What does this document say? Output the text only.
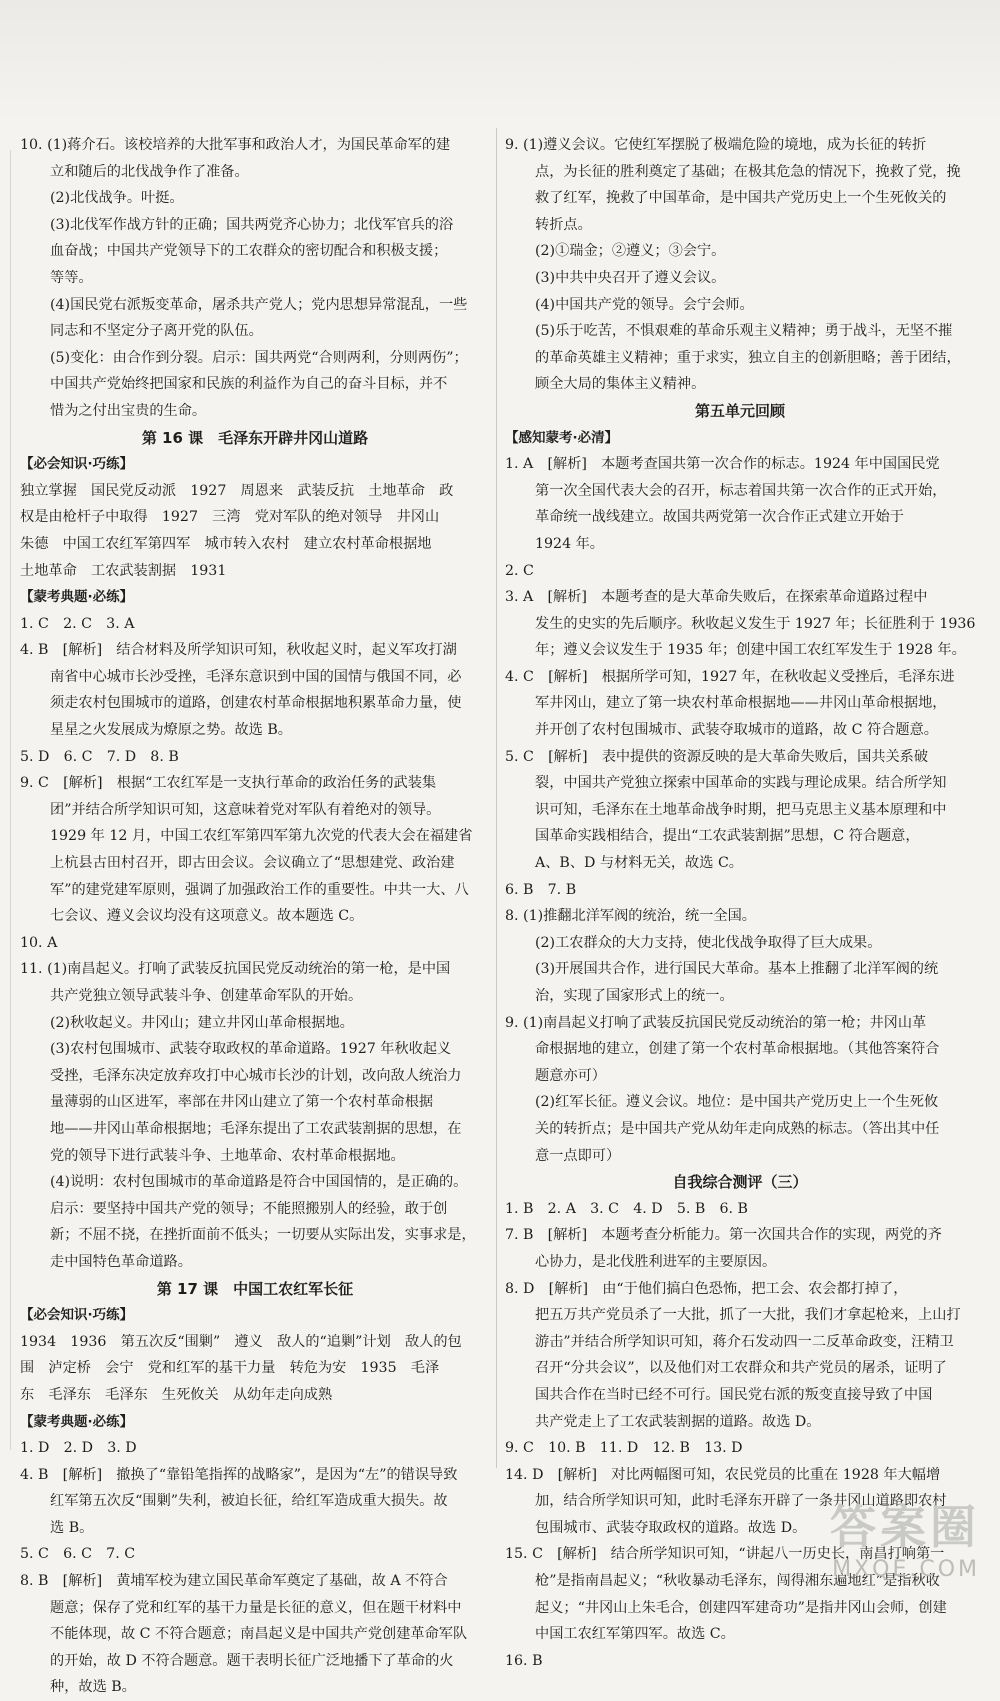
10. (1)蒋介石。该校培养的大批军事和政治人才，为国民革命军的建
立和随后的北伐战争作了准备。
(2)北伐战争。叶挺。
(3)北伐军作战方针的正确；国共两党齐心协力；北伐军官兵的浴
血奋战；中国共产党领导下的工农群众的密切配合和积极支援；
等等。
(4)国民党右派叛变革命，屠杀共产党人；党内思想异常混乱，一些
同志和不坚定分子离开党的队伍。
(5)变化：由合作到分裂。启示：国共两党“合则两利，分则两伤”；
中国共产党始终把国家和民族的利益作为自己的奋斗目标，并不
惜为之付出宝贵的生命。
第 16 课　毛泽东开辟井冈山道路
【必会知识·巧练】
独立掌握　国民党反动派　1927　周恩来　武装反抗　土地革命　政
权是由枪杆子中取得　1927　三湾　党对军队的绝对领导　井冈山
朱德　中国工农红军第四军　城市转入农村　建立农村革命根据地
土地革命　工农武装割据　1931
【蒙考典题·必练】
1. C　2. C　3. A
4. B　[解析]　结合材料及所学知识可知，秋收起义时，起义军攻打湖
南省中心城市长沙受挫，毛泽东意识到中国的国情与俄国不同，必
须走农村包围城市的道路，创建农村革命根据地积累革命力量，使
星星之火发展成为燎原之势。故选 B。
5. D　6. C　7. D　8. B
9. C　[解析]　根据“工农红军是一支执行革命的政治任务的武装集
团”并结合所学知识可知，这意味着党对军队有着绝对的领导。
1929 年 12 月，中国工农红军第四军第九次党的代表大会在福建省
上杭县古田村召开，即古田会议。会议确立了“思想建党、政治建
军”的建党建军原则，强调了加强政治工作的重要性。中共一大、八
七会议、遵义会议均没有这项意义。故本题选 C。
10. A
11. (1)南昌起义。打响了武装反抗国民党反动统治的第一枪，是中国
共产党独立领导武装斗争、创建革命军队的开始。
(2)秋收起义。井冈山；建立井冈山革命根据地。
(3)农村包围城市、武装夺取政权的革命道路。1927 年秋收起义
受挫，毛泽东决定放弃攻打中心城市长沙的计划，改向敌人统治力
量薄弱的山区进军，率部在井冈山建立了第一个农村革命根据
地——井冈山革命根据地；毛泽东提出了工农武装割据的思想，在
党的领导下进行武装斗争、土地革命、农村革命根据地。
(4)说明：农村包围城市的革命道路是符合中国国情的，是正确的。
启示：要坚持中国共产党的领导；不能照搬别人的经验，敢于创
新；不屈不挠，在挫折面前不低头；一切要从实际出发，实事求是，
走中国特色革命道路。
第 17 课　中国工农红军长征
【必会知识·巧练】
1934　1936　第五次反“围剿”　遵义　敌人的“追剿”计划　敌人的包
围　泸定桥　会宁　党和红军的基干力量　转危为安　1935　毛泽
东　毛泽东　毛泽东　生死攸关　从幼年走向成熟
【蒙考典题·必练】
1. D　2. D　3. D
4. B　[解析]　撤换了“靠铅笔指挥的战略家”，是因为“左”的错误导致
红军第五次反“围剿”失利，被迫长征，给红军造成重大损失。故
选 B。
5. C　6. C　7. C
8. B　[解析]　黄埔军校为建立国民革命军奠定了基础，故 A 不符合
题意；保存了党和红军的基干力量是长征的意义，但在题干材料中
不能体现，故 C 不符合题意；南昌起义是中国共产党创建革命军队
的开始，故 D 不符合题意。题干表明长征广泛地播下了革命的火
种，故选 B。
9. (1)遵义会议。它使红军摆脱了极端危险的境地，成为长征的转折
点，为长征的胜利奠定了基础；在极其危急的情况下，挽救了党，挽
救了红军，挽救了中国革命，是中国共产党历史上一个生死攸关的
转折点。
(2)①瑞金；②遵义；③会宁。
(3)中共中央召开了遵义会议。
(4)中国共产党的领导。会宁会师。
(5)乐于吃苦，不惧艰难的革命乐观主义精神；勇于战斗，无坚不摧
的革命英雄主义精神；重于求实，独立自主的创新胆略；善于团结，
顾全大局的集体主义精神。
第五单元回顾
【感知蒙考·必清】
1. A　[解析]　本题考查国共第一次合作的标志。1924 年中国国民党
第一次全国代表大会的召开，标志着国共第一次合作的正式开始，
革命统一战线建立。故国共两党第一次合作正式建立开始于
1924 年。
2. C
3. A　[解析]　本题考查的是大革命失败后，在探索革命道路过程中
发生的史实的先后顺序。秋收起义发生于 1927 年；长征胜利于 1936
年；遵义会议发生于 1935 年；创建中国工农红军发生于 1928 年。
4. C　[解析]　根据所学可知，1927 年，在秋收起义受挫后，毛泽东进
军井冈山，建立了第一块农村革命根据地——井冈山革命根据地，
并开创了农村包围城市、武装夺取城市的道路，故 C 符合题意。
5. C　[解析]　表中提供的资源反映的是大革命失败后，国共关系破
裂，中国共产党独立探索中国革命的实践与理论成果。结合所学知
识可知，毛泽东在土地革命战争时期，把马克思主义基本原理和中
国革命实践相结合，提出“工农武装割据”思想，C 符合题意，
A、B、D 与材料无关，故选 C。
6. B　7. B
8. (1)推翻北洋军阀的统治，统一全国。
(2)工农群众的大力支持，使北伐战争取得了巨大成果。
(3)开展国共合作，进行国民大革命。基本上推翻了北洋军阀的统
治，实现了国家形式上的统一。
9. (1)南昌起义打响了武装反抗国民党反动统治的第一枪；井冈山革
命根据地的建立，创建了第一个农村革命根据地。（其他答案符合
题意亦可）
(2)红军长征。遵义会议。地位：是中国共产党历史上一个生死攸
关的转折点；是中国共产党从幼年走向成熟的标志。（答出其中任
意一点即可）
自我综合测评（三）
1. B　2. A　3. C　4. D　5. B　6. B
7. B　[解析]　本题考查分析能力。第一次国共合作的实现，两党的齐
心协力，是北伐胜利进军的主要原因。
8. D　[解析]　由“于他们搞白色恐怖，把工会、农会都打掉了，
把五万共产党员杀了一大批，抓了一大批，我们才拿起枪来，上山打
游击”并结合所学知识可知，蒋介石发动四一二反革命政变，汪精卫
召开“分共会议”，以及他们对工农群众和共产党员的屠杀，证明了
国共合作在当时已经不可行。国民党右派的叛变直接导致了中国
共产党走上了工农武装割据的道路。故选 D。
9. C　10. B　11. D　12. B　13. D
14. D　[解析]　对比两幅图可知，农民党员的比重在 1928 年大幅增
加，结合所学知识可知，此时毛泽东开辟了一条井冈山道路即农村
包围城市、武装夺取政权的道路。故选 D。
15. C　[解析]　结合所学知识可知，“讲起八一历史长，南昌打响第一
枪”是指南昌起义；“秋收暴动毛泽东，闯得湘东遍地红”是指秋收
起义；“井冈山上朱毛合，创建四军建奇功”是指井冈山会师，创建
中国工农红军第四军。故选 C。
16. B
答案圈
MXQE.COM
